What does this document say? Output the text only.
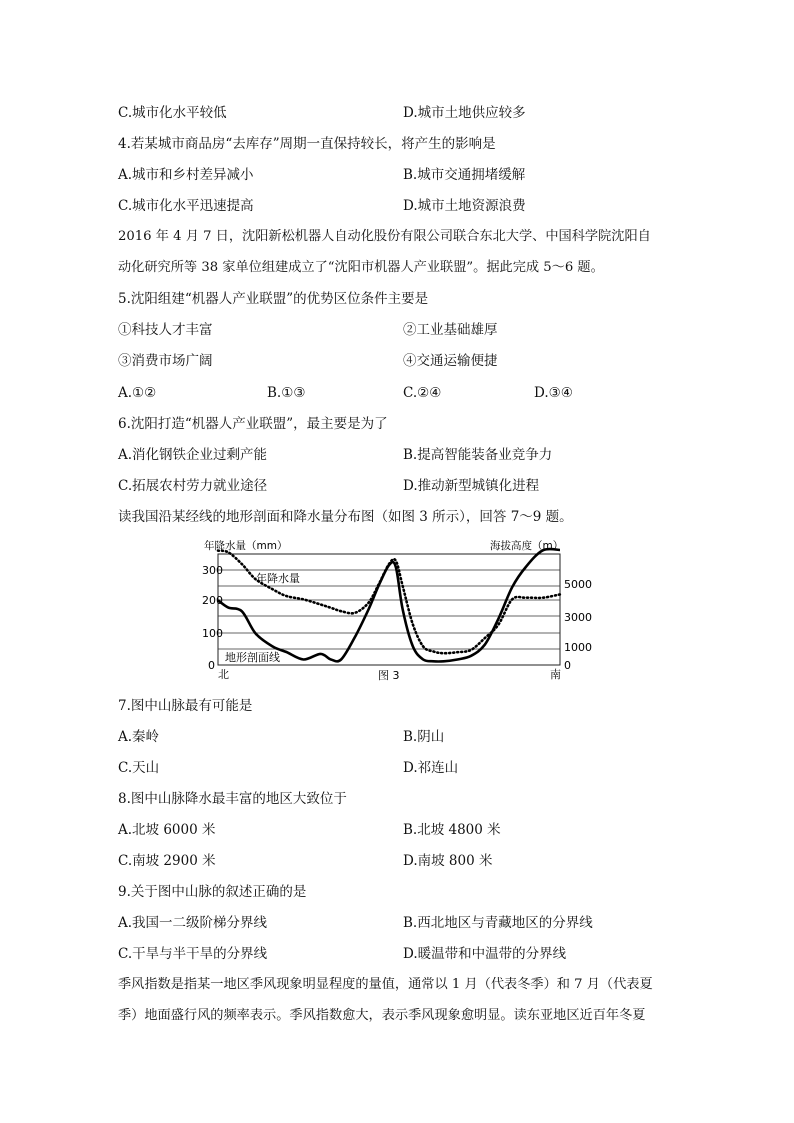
C.城市化水平较低	D.城市土地供应较多
4.若某城市商品房“去库存”周期一直保持较长，将产生的影响是
A.城市和乡村差异减小	B.城市交通拥堵缓解
C.城市化水平迅速提高	D.城市土地资源浪费
2016 年 4 月 7 日，沈阳新松机器人自动化股份有限公司联合东北大学、中国科学院沈阳自
动化研究所等 38 家单位组建成立了“沈阳市机器人产业联盟”。据此完成 5～6 题。
5.沈阳组建“机器人产业联盟”的优势区位条件主要是
①科技人才丰富	②工业基础雄厚
③消费市场广阔	④交通运输便捷
A.①②	B.①③	C.②④	D.③④
6.沈阳打造“机器人产业联盟”，最主要是为了
A.消化钢铁企业过剩产能	B.提高智能装备业竞争力
C.拓展农村劳力就业途径	D.推动新型城镇化进程
读我国沿某经线的地形剖面和降水量分布图（如图 3 所示），回答 7～9 题。
年降水量（mm）	海拔高度（m）
300
200
100
0
5000
3000
1000
0
年降水量
地形剖面线
北	南
图 3
7.图中山脉最有可能是
A.秦岭	B.阴山
C.天山	D.祁连山
8.图中山脉降水最丰富的地区大致位于
A.北坡 6000 米	B.北坡 4800 米
C.南坡 2900 米	D.南坡 800 米
9.关于图中山脉的叙述正确的是
A.我国一二级阶梯分界线	B.西北地区与青藏地区的分界线
C.干旱与半干旱的分界线	D.暖温带和中温带的分界线
季风指数是指某一地区季风现象明显程度的量值，通常以 1 月（代表冬季）和 7 月（代表夏
季）地面盛行风的频率表示。季风指数愈大，表示季风现象愈明显。读东亚地区近百年冬夏
